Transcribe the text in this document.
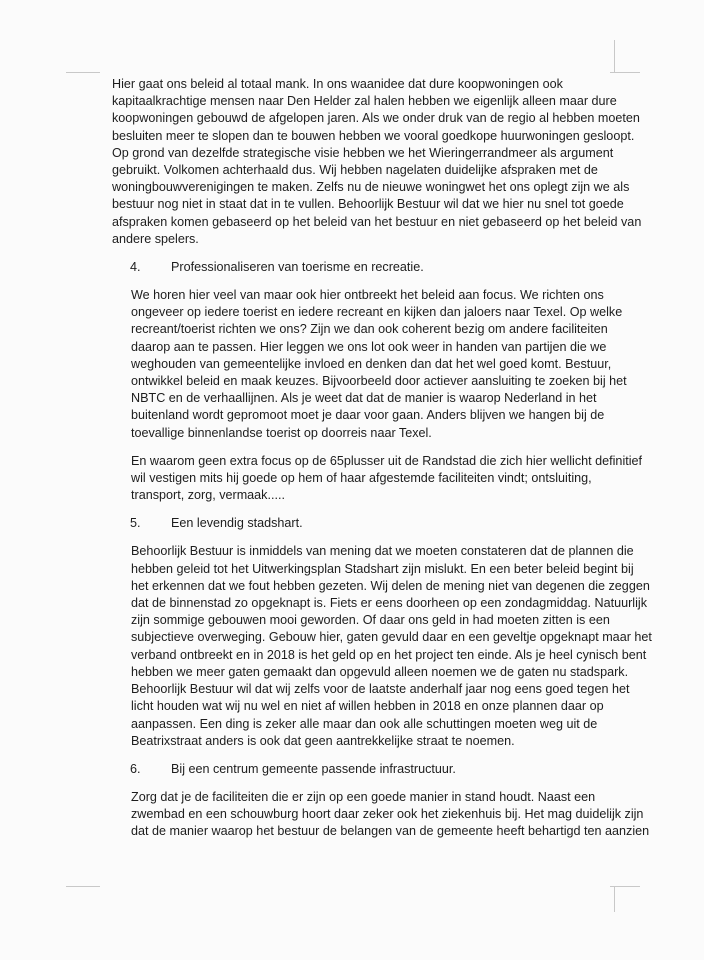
Hier gaat ons beleid al totaal mank. In ons waanidee dat dure koopwoningen ook
kapitaalkrachtige mensen naar Den Helder zal halen hebben we eigenlijk alleen maar dure
koopwoningen gebouwd de afgelopen jaren. Als we onder druk van de regio al hebben moeten
besluiten meer te slopen dan te bouwen hebben we vooral goedkope huurwoningen gesloopt.
Op grond van dezelfde strategische visie hebben we het Wieringerrandmeer als argument
gebruikt. Volkomen achterhaald dus. Wij hebben nagelaten duidelijke afspraken met de
woningbouwverenigingen te maken. Zelfs nu de nieuwe woningwet het ons oplegt zijn we als
bestuur nog niet in staat dat in te vullen. Behoorlijk Bestuur wil dat we hier nu snel tot goede
afspraken komen gebaseerd op het beleid van het bestuur en niet gebaseerd op het beleid van
andere spelers.
4. Professionaliseren van toerisme en recreatie.
We horen hier veel van maar ook hier ontbreekt het beleid aan focus. We richten ons
ongeveer op iedere toerist en iedere recreant en kijken dan jaloers naar Texel. Op welke
recreant/toerist richten we ons? Zijn we dan ook coherent bezig om andere faciliteiten
daarop aan te passen. Hier leggen we ons lot ook weer in handen van partijen die we
weghouden van gemeentelijke invloed en denken dan dat het wel goed komt. Bestuur,
ontwikkel beleid en maak keuzes. Bijvoorbeeld door actiever aansluiting te zoeken bij het
NBTC en de verhaallijnen. Als je weet dat dat de manier is waarop Nederland in het
buitenland wordt gepromoot moet je daar voor gaan. Anders blijven we hangen bij de
toevallige binnenlandse toerist op doorreis naar Texel.
En waarom geen extra focus op de 65plusser uit de Randstad die zich hier wellicht definitief
wil vestigen mits hij goede op hem of haar afgestemde faciliteiten vindt; ontsluiting,
transport, zorg, vermaak.....
5. Een levendig stadshart.
Behoorlijk Bestuur is inmiddels van mening dat we moeten constateren dat de plannen die
hebben geleid tot het Uitwerkingsplan Stadshart zijn mislukt. En een beter beleid begint bij
het erkennen dat we fout hebben gezeten. Wij delen de mening niet van degenen die zeggen
dat de binnenstad zo opgeknapt is. Fiets er eens doorheen op een zondagmiddag. Natuurlijk
zijn sommige gebouwen mooi geworden. Of daar ons geld in had moeten zitten is een
subjectieve overweging. Gebouw hier, gaten gevuld daar en een geveltje opgeknapt maar het
verband ontbreekt en in 2018 is het geld op en het project ten einde. Als je heel cynisch bent
hebben we meer gaten gemaakt dan opgevuld alleen noemen we de gaten nu stadspark.
Behoorlijk Bestuur wil dat wij zelfs voor de laatste anderhalf jaar nog eens goed tegen het
licht houden wat wij nu wel en niet af willen hebben in 2018 en onze plannen daar op
aanpassen. Een ding is zeker alle maar dan ook alle schuttingen moeten weg uit de
Beatrixstraat anders is ook dat geen aantrekkelijke straat te noemen.
6. Bij een centrum gemeente passende infrastructuur.
Zorg dat je de faciliteiten die er zijn op een goede manier in stand houdt. Naast een
zwembad en een schouwburg hoort daar zeker ook het ziekenhuis bij. Het mag duidelijk zijn
dat de manier waarop het bestuur de belangen van de gemeente heeft behartigd ten aanzien
